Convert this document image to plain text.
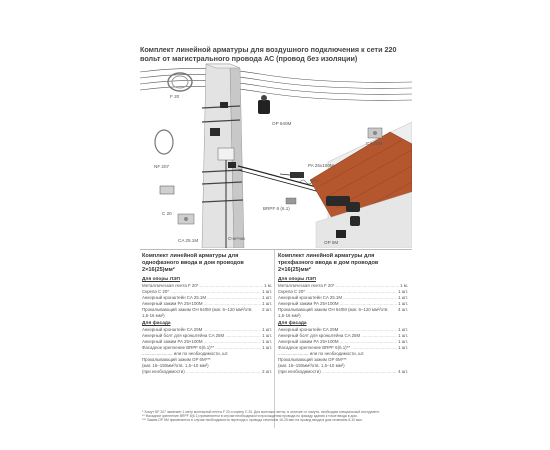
Комплект линейной арматуры для воздушного подключения к сети 220 вольт от магистрального провода АС (провод без изоляции)
F 20
NF 207
С 20
CA 25.1M	Счетчик
OP 640M
PA 25x100M
CA 25M
BRPF 6 (6.1)
OP 6M
Комплект линейной арматуры для однофазного ввода в дом проводов 2×16(25)мм²
Для опоры ЛЭП
Металлическая лента F 20* .....	1 м.
Скрепа С 20* .....	1 шт.
Анкерный кронштейн CA 25.1M .....	1 шт.
Анкерный зажим PA 25×100M .....	1 шт.
Прокалывающий зажим OH 640М (маг. 6–120 мм²/отв. 1,5-16 мм²)
2 шт.
Для фасада
Анкерный кронштейн CA 25M .....	1 шт.
Анкерный болт для кронштейна CA 25M .....	1 шт.
Анкерный зажим PA 25×100M .....	1 шт.
Фасадное крепление BRPF 6(6.1)** .....	1 шт.
......................... или по необходимости, шт.
Прокалывающий зажим OP 6M***
(маг. 16–150мм²/отв. 1,5–10 мм²)
(при необходимости) .....	2 шт.
Комплект линейной арматуры для трехфазного ввода в дом проводов 2×16(25)мм²
Для опоры ЛЭП
Металлическая лента F 20* .....	1 м.
Скрепа С 20* .....	1 шт.
Анкерный кронштейн CA 25.1M .....	1 шт.
Анкерный зажим PA 25×100M .....	1 шт.
Прокалывающий зажим OH 640М (маг. 6–120 мм²/отв. 1,5-16 мм²)
4 шт.
Для фасада
Анкерный кронштейн CA 25M .....	1 шт.
Анкерный болт для кронштейна CA 25M .....	1 шт.
Анкерный зажим PA 25×100M .....	1 шт.
Фасадное крепление BRPF 6(6.1)** .....	1 шт.
......................... или по необходимости, шт.
Прокалывающий зажим OP 6M***
(маг. 16–150мм²/отв. 1,5–10 мм²)
(при необходимости) .....	4 шт.
* Хомут NF 207 заменяет 1 метр монтажной ленты F 20 и скрепу С 20. Для монтажа ленты, в отличие от хомута, необходим специальный инструмент.
** Фасадное крепление BRPF 6(6.1) применяется в случае необходимости прохождения провода по фасаду здания к точке ввода в дом.
*** Зажим OP 6M применяется в случае необходимости перехода с провода сечением 16-25 мм² на провод ввода в дом сечением 6-10 мм².
